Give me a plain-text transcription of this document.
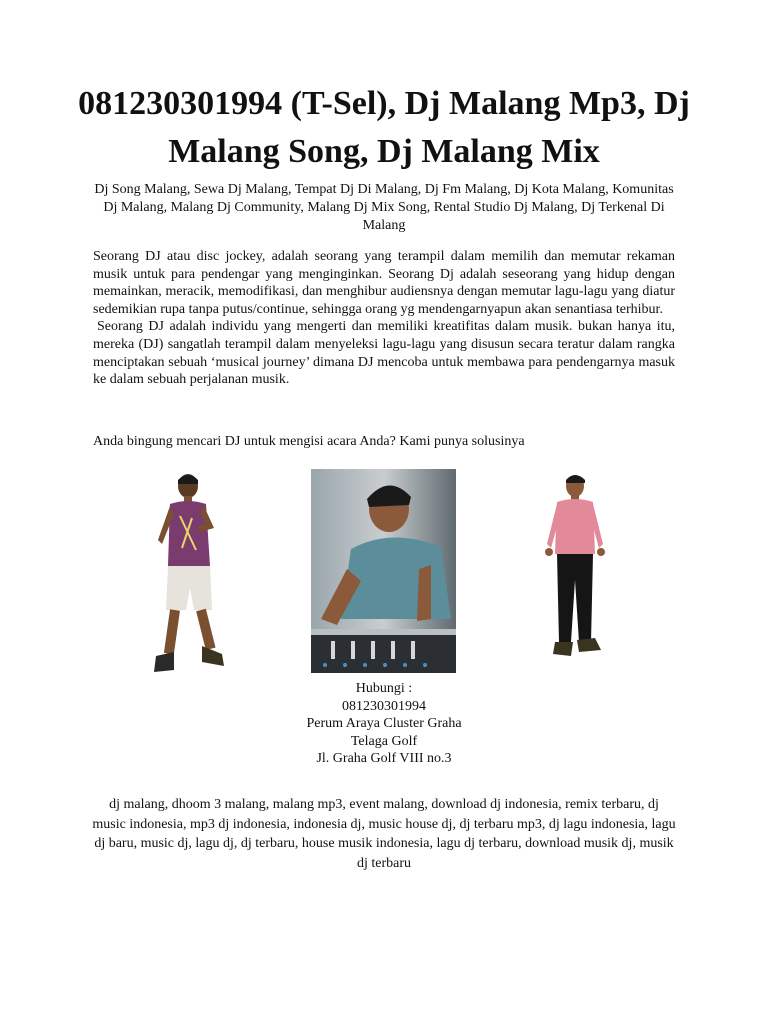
081230301994 (T-Sel), Dj Malang Mp3, Dj Malang Song, Dj Malang Mix
Dj Song Malang, Sewa Dj Malang, Tempat Dj Di Malang, Dj Fm Malang, Dj Kota Malang, Komunitas Dj Malang, Malang Dj Community, Malang Dj Mix Song, Rental Studio Dj Malang, Dj Terkenal Di Malang

Seorang DJ atau disc jockey, adalah seorang yang terampil dalam memilih dan memutar rekaman musik untuk para pendengar yang menginginkan. Seorang Dj adalah seseorang yang hidup dengan memainkan, meracik, memodifikasi, dan menghibur audiensnya dengan memutar lagu-lagu yang diatur sedemikian rupa tanpa putus/continue, sehingga orang yg mendengarnyapun akan senantiasa terhibur.

Seorang DJ adalah individu yang mengerti dan memiliki kreatifitas dalam musik. bukan hanya itu, mereka (DJ) sangatlah terampil dalam menyeleksi lagu-lagu yang disusun secara teratur dalam rangka menciptakan sebuah ‘musical journey’ dimana DJ mencoba untuk membawa para pendengarnya masuk ke dalam sebuah perjalanan musik.

Anda bingung mencari DJ untuk mengisi acara Anda? Kami punya solusinya
Hubungi :
081230301994
Perum Araya Cluster Graha
Telaga Golf
Jl. Graha Golf VIII no.3
dj malang, dhoom 3 malang, malang mp3, event malang, download dj indonesia, remix terbaru, dj music indonesia, mp3 dj indonesia, indonesia dj, music house dj, dj terbaru mp3, dj lagu indonesia, lagu dj baru, music dj, lagu dj, dj terbaru, house musik indonesia, lagu dj terbaru, download musik dj, musik dj terbaru
